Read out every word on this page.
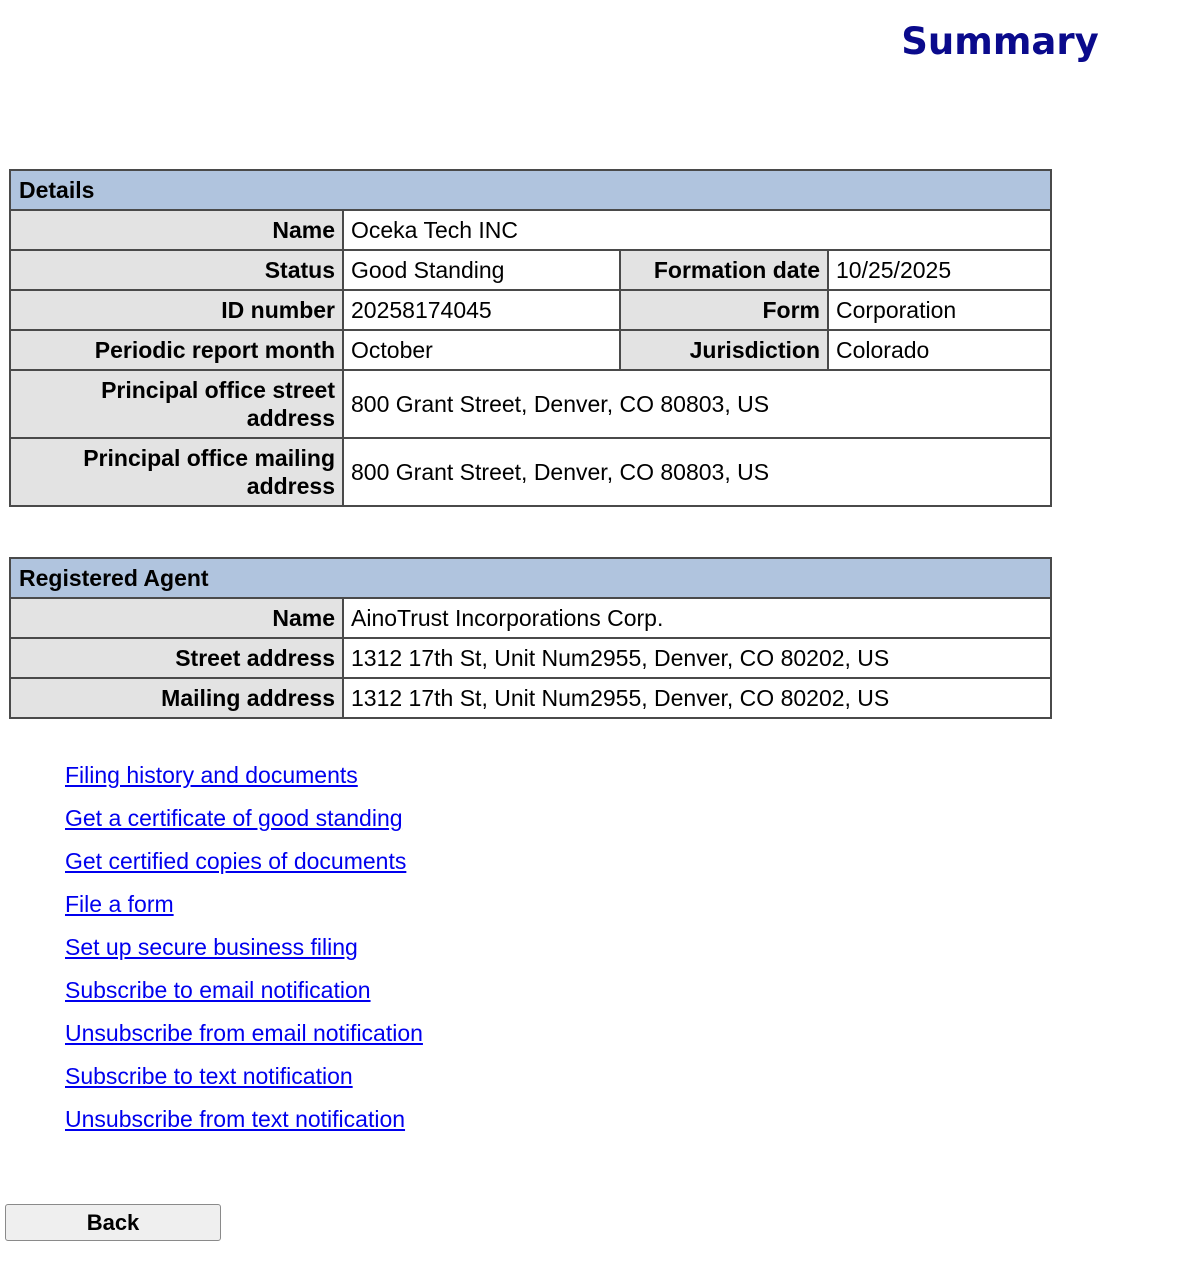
Summary
Details			
Name	Oceka Tech INC		
Status	Good Standing	Formation date	10/25/2025
ID number	20258174045	Form	Corporation
Periodic report month	October	Jurisdiction	Colorado
Principal office street address	800 Grant Street, Denver, CO 80803, US		
Principal office mailing address	800 Grant Street, Denver, CO 80803, US		
Registered Agent	
Name	AinoTrust Incorporations Corp.
Street address	1312 17th St, Unit Num2955, Denver, CO 80202, US
Mailing address	1312 17th St, Unit Num2955, Denver, CO 80202, US
Filing history and documents
Get a certificate of good standing
Get certified copies of documents
File a form
Set up secure business filing
Subscribe to email notification
Unsubscribe from email notification
Subscribe to text notification
Unsubscribe from text notification
Back
